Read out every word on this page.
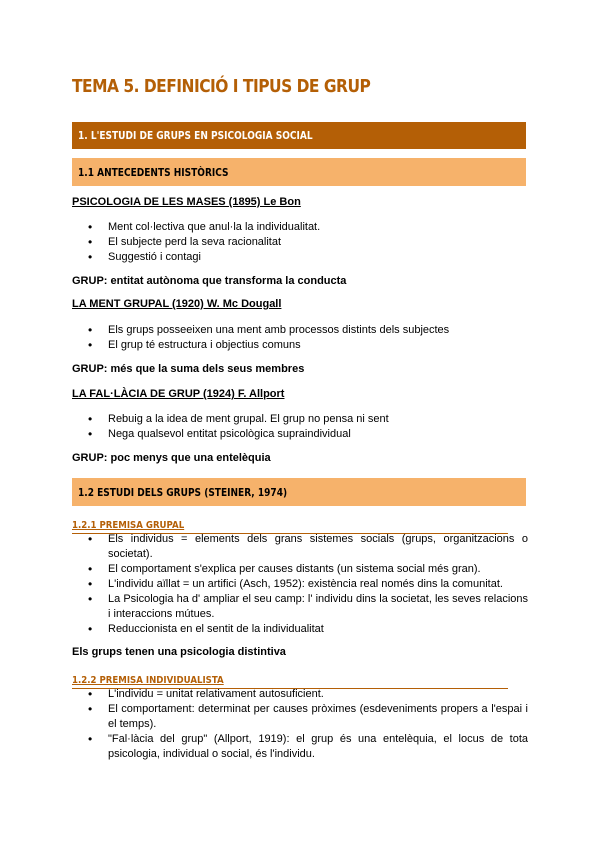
TEMA 5. DEFINICIÓ I TIPUS DE GRUP
1. L'ESTUDI DE GRUPS EN PSICOLOGIA SOCIAL
1.1 ANTECEDENTS HISTÒRICS
PSICOLOGIA DE LES MASES (1895) Le Bon
• Ment col·lectiva que anul·la la individualitat.
• El subjecte perd la seva racionalitat
• Suggestió i contagi
GRUP: entitat autònoma que transforma la conducta
LA MENT GRUPAL (1920) W. Mc Dougall
• Els grups posseeixen una ment amb processos distints dels subjectes
• El grup té estructura i objectius comuns
GRUP: més que la suma dels seus membres
LA FAL·LÀCIA DE GRUP (1924) F. Allport
• Rebuig a la idea de ment grupal. El grup no pensa ni sent
• Nega qualsevol entitat psicològica supraindividual
GRUP: poc menys que una entelèquia
1.2 ESTUDI DELS GRUPS (STEINER, 1974)
1.2.1 PREMISA GRUPAL
• Els individus = elements dels grans sistemes socials (grups, organitzacions o societat).
• El comportament s'explica per causes distants (un sistema social més gran).
• L'individu aïllat = un artifici (Asch, 1952): existència real només dins la comunitat.
• La Psicologia ha d' ampliar el seu camp: l' individu dins la societat, les seves relacions i interaccions mútues.
• Reduccionista en el sentit de la individualitat
Els grups tenen una psicologia distintiva
1.2.2 PREMISA INDIVIDUALISTA
• L'individu = unitat relativament autosuficient.
• El comportament: determinat per causes pròximes (esdeveniments propers a l'espai i el temps).
• "Fal·làcia del grup" (Allport, 1919): el grup és una entelèquia, el locus de tota psicologia, individual o social, és l'individu.
